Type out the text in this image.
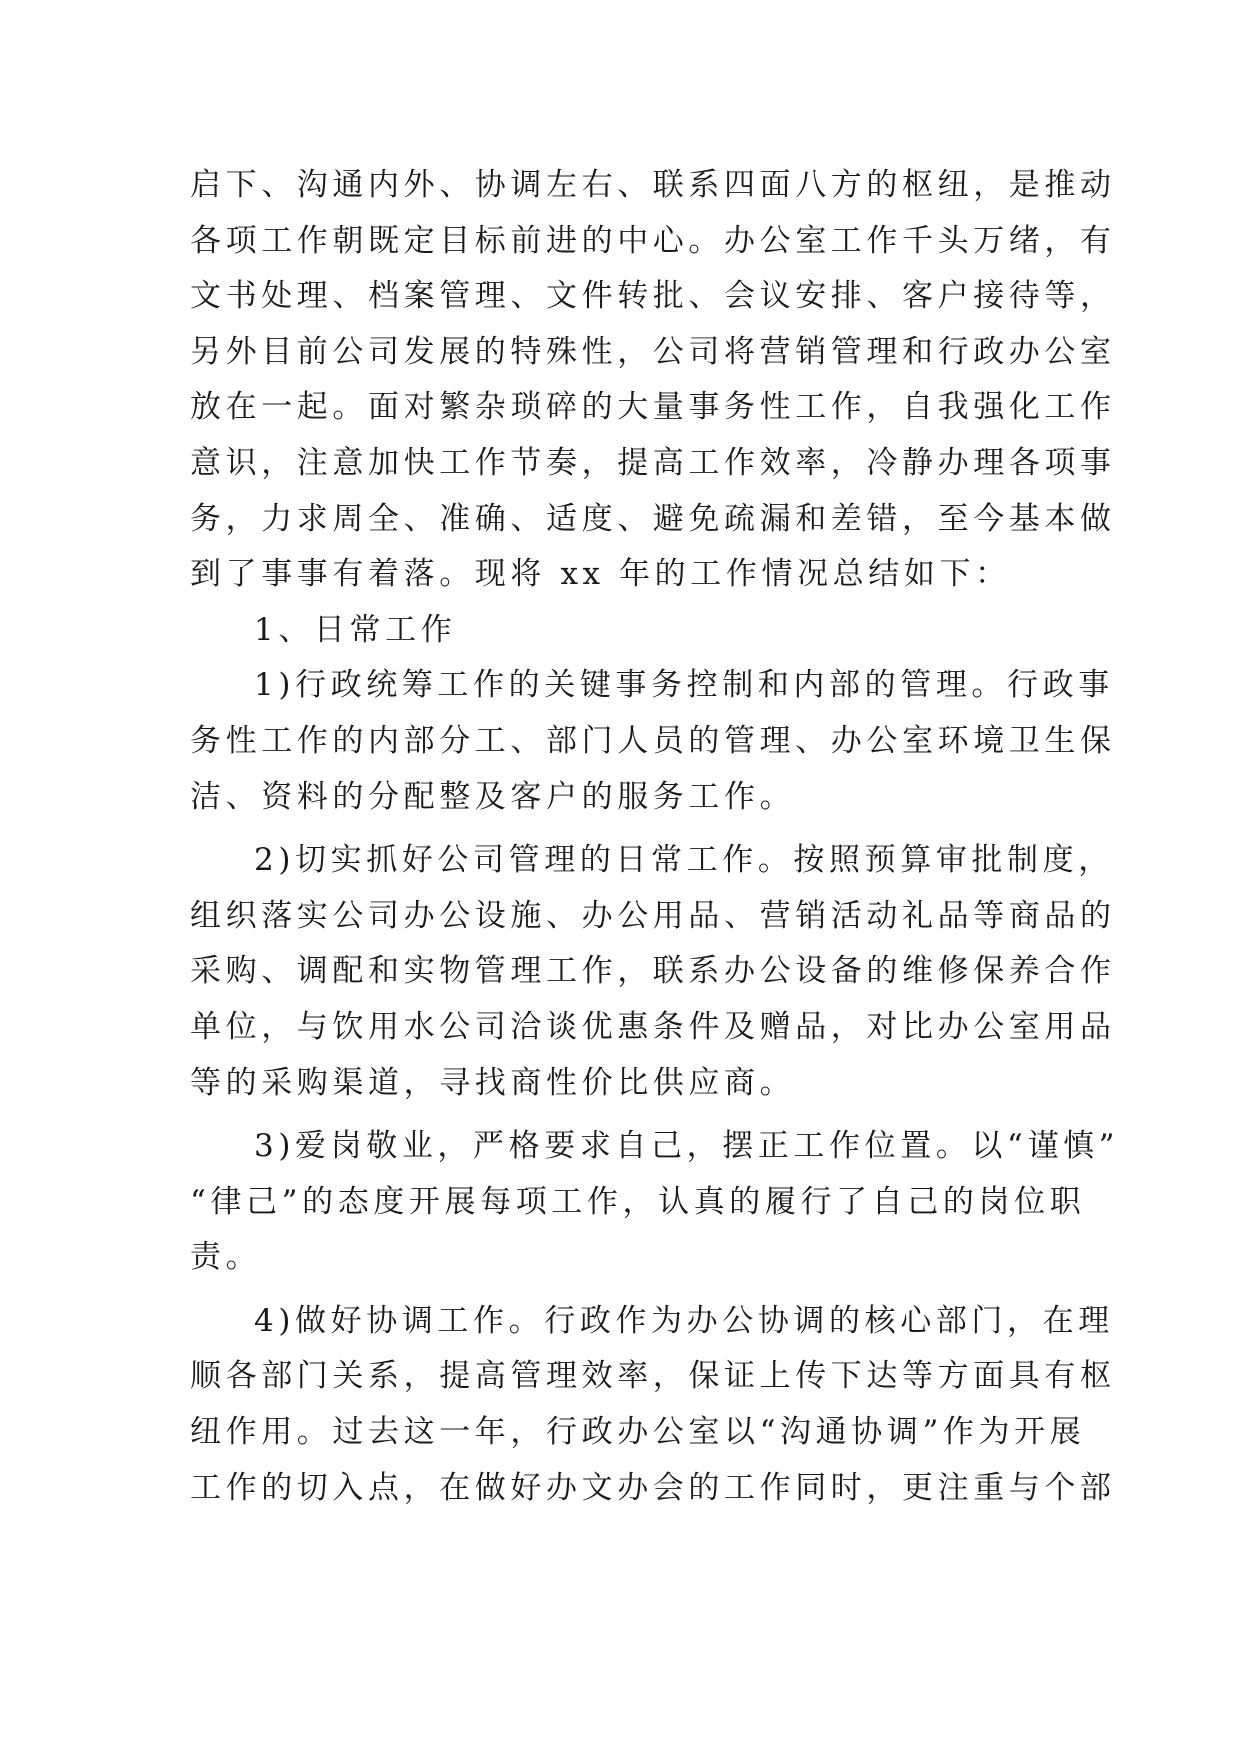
启下、沟通内外、协调左右、联系四面八方的枢纽，是推动
各项工作朝既定目标前进的中心。办公室工作千头万绪，有
文书处理、档案管理、文件转批、会议安排、客户接待等，
另外目前公司发展的特殊性，公司将营销管理和行政办公室
放在一起。面对繁杂琐碎的大量事务性工作，自我强化工作
意识，注意加快工作节奏，提高工作效率，冷静办理各项事
务，力求周全、准确、适度、避免疏漏和差错，至今基本做
到了事事有着落。现将 xx 年的工作情况总结如下：
1、日常工作
1)行政统筹工作的关键事务控制和内部的管理。行政事
务性工作的内部分工、部门人员的管理、办公室环境卫生保
洁、资料的分配整及客户的服务工作。
2)切实抓好公司管理的日常工作。按照预算审批制度，
组织落实公司办公设施、办公用品、营销活动礼品等商品的
采购、调配和实物管理工作，联系办公设备的维修保养合作
单位，与饮用水公司洽谈优惠条件及赠品，对比办公室用品
等的采购渠道，寻找商性价比供应商。
3)爱岗敬业，严格要求自己，摆正工作位置。以“谨慎”
“律己”的态度开展每项工作，认真的履行了自己的岗位职
责。
4)做好协调工作。行政作为办公协调的核心部门，在理
顺各部门关系，提高管理效率，保证上传下达等方面具有枢
纽作用。过去这一年，行政办公室以“沟通协调”作为开展
工作的切入点，在做好办文办会的工作同时，更注重与个部
